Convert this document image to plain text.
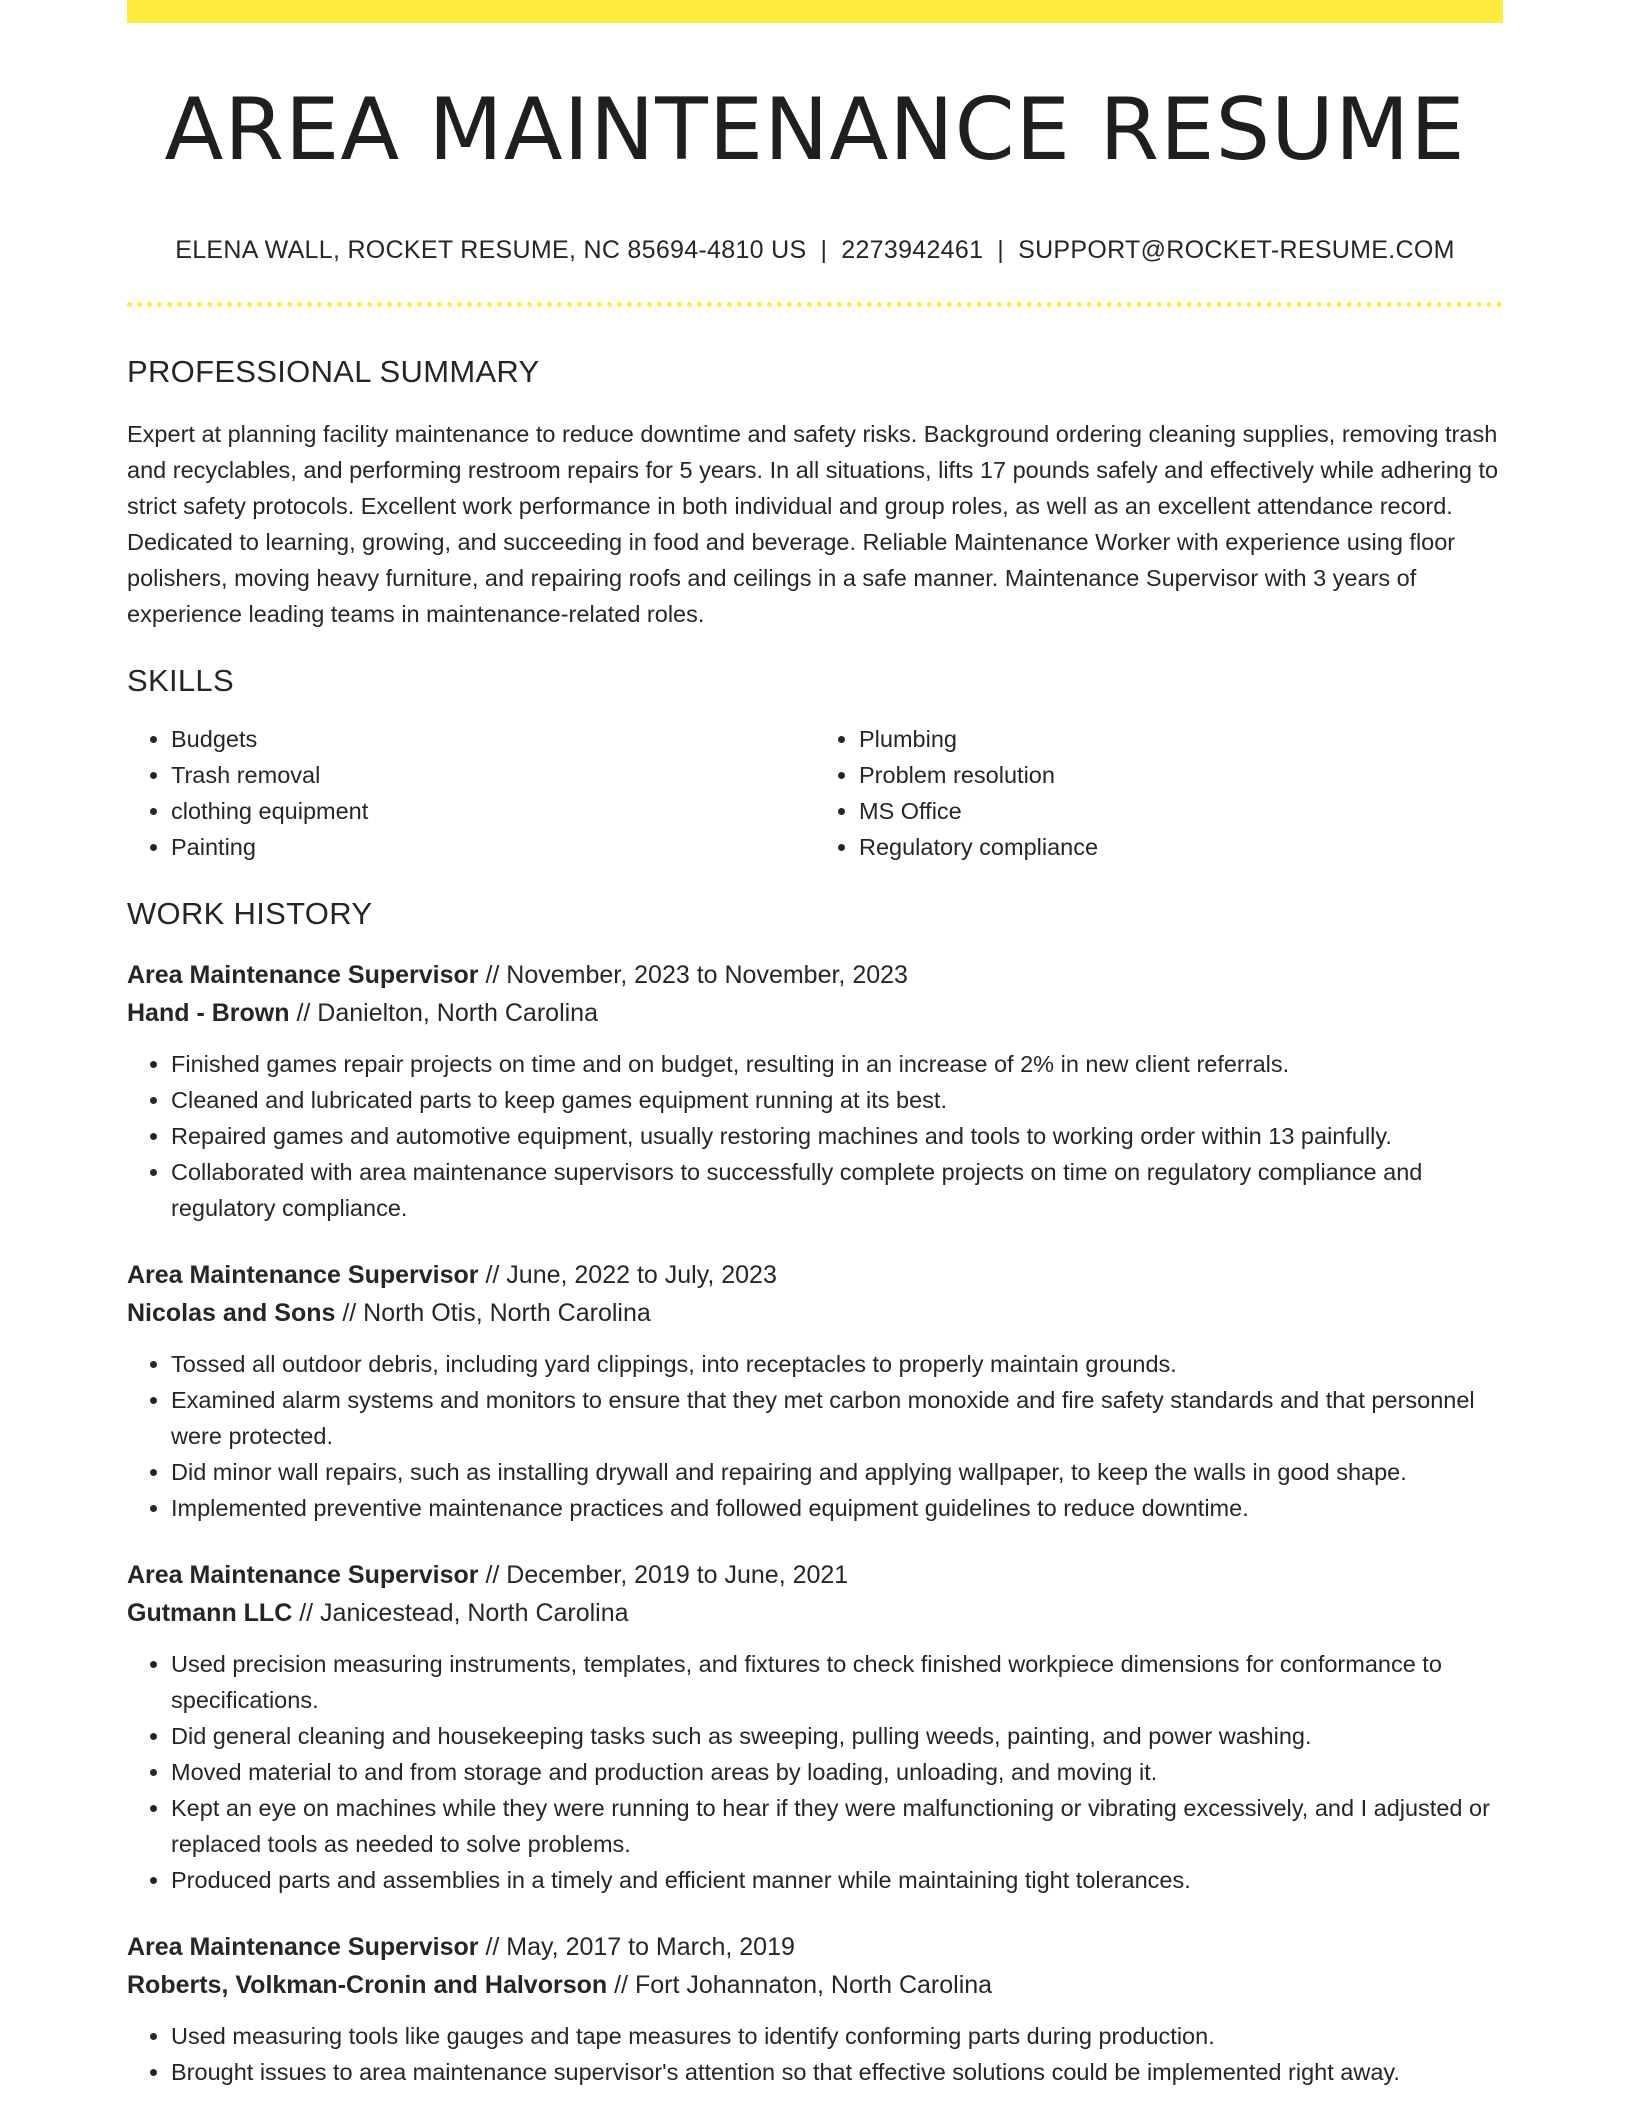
AREA MAINTENANCE RESUME
ELENA WALL, ROCKET RESUME, NC 85694-4810 US | 2273942461 | SUPPORT@ROCKET-RESUME.COM
PROFESSIONAL SUMMARY

Expert at planning facility maintenance to reduce downtime and safety risks. Background ordering cleaning supplies, removing trash and recyclables, and performing restroom repairs for 5 years. In all situations, lifts 17 pounds safely and effectively while adhering to strict safety protocols. Excellent work performance in both individual and group roles, as well as an excellent attendance record. Dedicated to learning, growing, and succeeding in food and beverage. Reliable Maintenance Worker with experience using floor polishers, moving heavy furniture, and repairing roofs and ceilings in a safe manner. Maintenance Supervisor with 3 years of experience leading teams in maintenance-related roles.

SKILLS
• Budgets
• Trash removal
• clothing equipment
• Painting
• Plumbing
• Problem resolution
• MS Office
• Regulatory compliance
WORK HISTORY
Area Maintenance Supervisor // November, 2023 to November, 2023
Hand - Brown // Danielton, North Carolina
• Finished games repair projects on time and on budget, resulting in an increase of 2% in new client referrals.
• Cleaned and lubricated parts to keep games equipment running at its best.
• Repaired games and automotive equipment, usually restoring machines and tools to working order within 13 painfully.
• Collaborated with area maintenance supervisors to successfully complete projects on time on regulatory compliance and regulatory compliance.
Area Maintenance Supervisor // June, 2022 to July, 2023
Nicolas and Sons // North Otis, North Carolina
• Tossed all outdoor debris, including yard clippings, into receptacles to properly maintain grounds.
• Examined alarm systems and monitors to ensure that they met carbon monoxide and fire safety standards and that personnel were protected.
• Did minor wall repairs, such as installing drywall and repairing and applying wallpaper, to keep the walls in good shape.
• Implemented preventive maintenance practices and followed equipment guidelines to reduce downtime.
Area Maintenance Supervisor // December, 2019 to June, 2021
Gutmann LLC // Janicestead, North Carolina
• Used precision measuring instruments, templates, and fixtures to check finished workpiece dimensions for conformance to specifications.
• Did general cleaning and housekeeping tasks such as sweeping, pulling weeds, painting, and power washing.
• Moved material to and from storage and production areas by loading, unloading, and moving it.
• Kept an eye on machines while they were running to hear if they were malfunctioning or vibrating excessively, and I adjusted or replaced tools as needed to solve problems.
• Produced parts and assemblies in a timely and efficient manner while maintaining tight tolerances.
Area Maintenance Supervisor // May, 2017 to March, 2019
Roberts, Volkman-Cronin and Halvorson // Fort Johannaton, North Carolina
• Used measuring tools like gauges and tape measures to identify conforming parts during production.
• Brought issues to area maintenance supervisor's attention so that effective solutions could be implemented right away.
